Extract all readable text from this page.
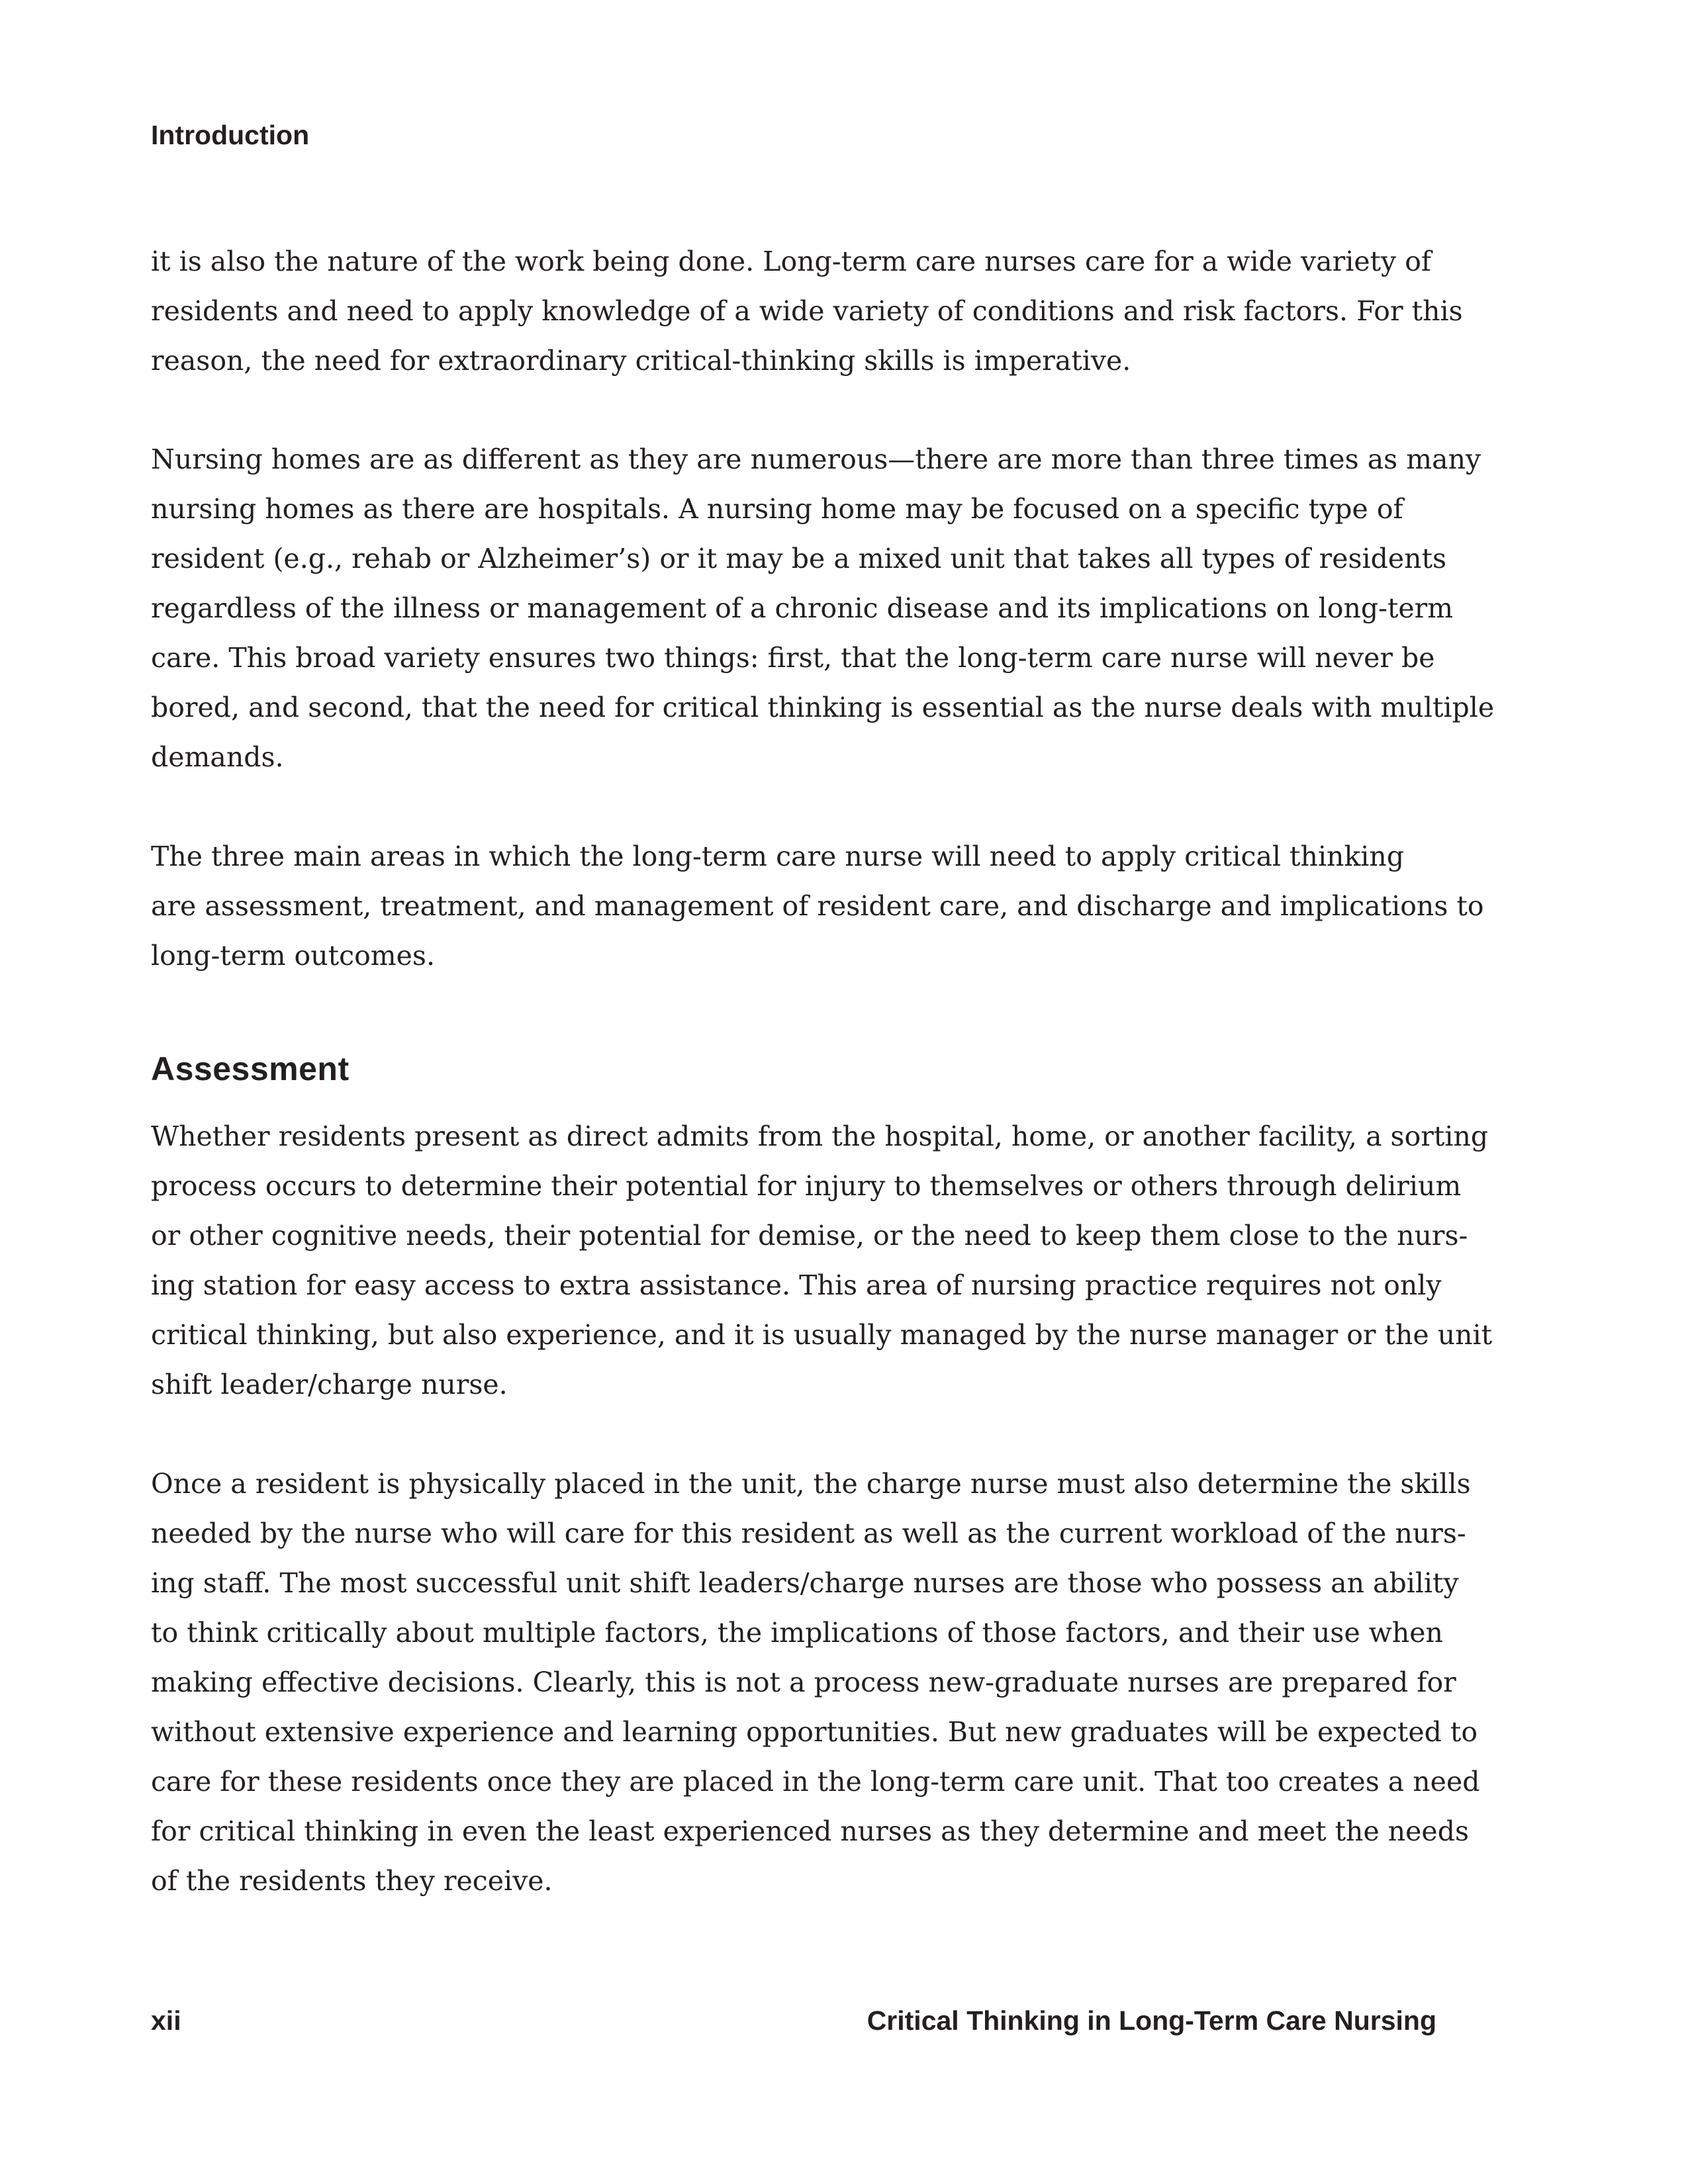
Introduction
it is also the nature of the work being done. Long-term care nurses care for a wide variety of
residents and need to apply knowledge of a wide variety of conditions and risk factors. For this
reason, the need for extraordinary critical-thinking skills is imperative.
Nursing homes are as different as they are numerous—there are more than three times as many
nursing homes as there are hospitals. A nursing home may be focused on a specific type of
resident (e.g., rehab or Alzheimer’s) or it may be a mixed unit that takes all types of residents
regardless of the illness or management of a chronic disease and its implications on long-term
care. This broad variety ensures two things: first, that the long-term care nurse will never be
bored, and second, that the need for critical thinking is essential as the nurse deals with multiple
demands.
The three main areas in which the long-term care nurse will need to apply critical thinking
are assessment, treatment, and management of resident care, and discharge and implications to
long-term outcomes.
Assessment
Whether residents present as direct admits from the hospital, home, or another facility, a sorting
process occurs to determine their potential for injury to themselves or others through delirium
or other cognitive needs, their potential for demise, or the need to keep them close to the nurs-
ing station for easy access to extra assistance. This area of nursing practice requires not only
critical thinking, but also experience, and it is usually managed by the nurse manager or the unit
shift leader/charge nurse.
Once a resident is physically placed in the unit, the charge nurse must also determine the skills
needed by the nurse who will care for this resident as well as the current workload of the nurs-
ing staff. The most successful unit shift leaders/charge nurses are those who possess an ability
to think critically about multiple factors, the implications of those factors, and their use when
making effective decisions. Clearly, this is not a process new-graduate nurses are prepared for
without extensive experience and learning opportunities. But new graduates will be expected to
care for these residents once they are placed in the long-term care unit. That too creates a need
for critical thinking in even the least experienced nurses as they determine and meet the needs
of the residents they receive.
xii	Critical Thinking in Long-Term Care Nursing
